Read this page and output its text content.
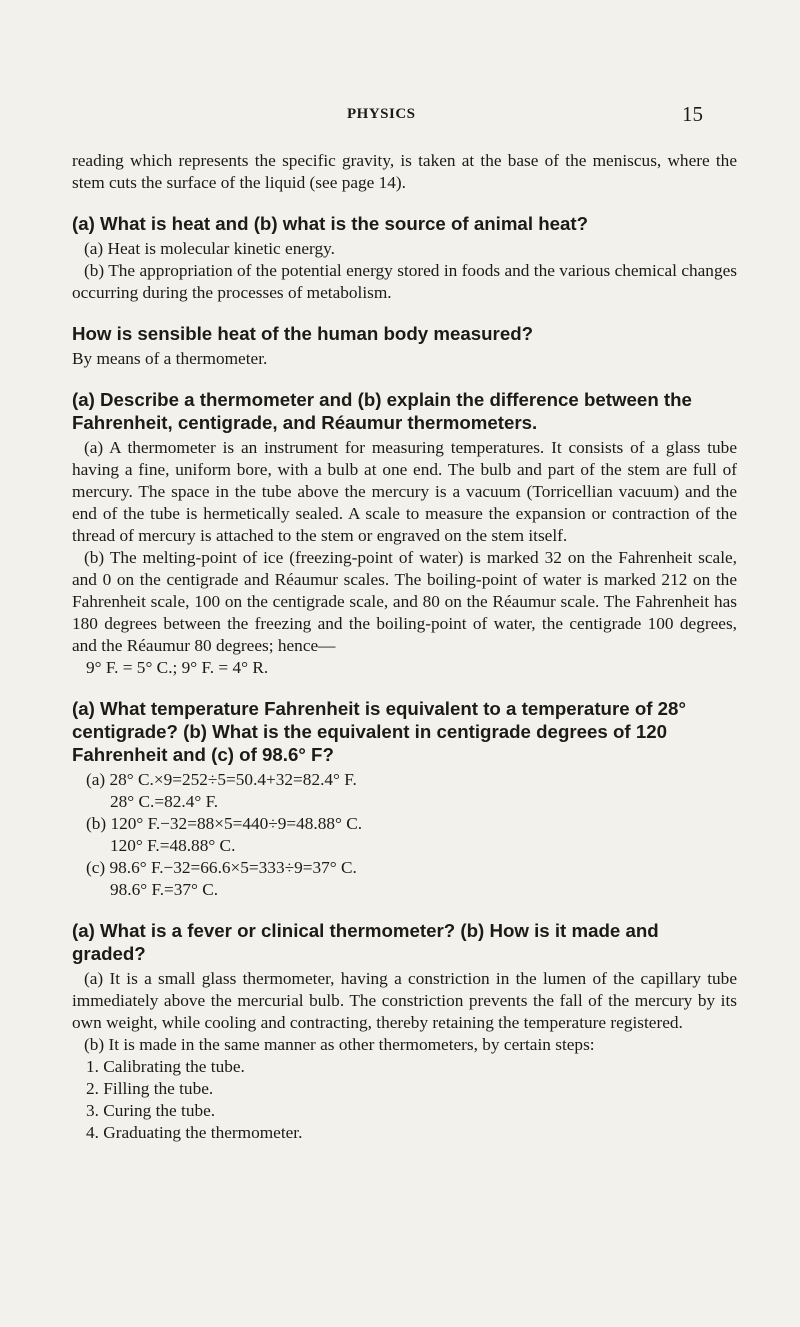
PHYSICS	15

reading which represents the specific gravity, is taken at the base of the meniscus, where the stem cuts the surface of the liquid (see page 14).

(a) What is heat and (b) what is the source of animal heat?

(a) Heat is molecular kinetic energy.

(b) The appropriation of the potential energy stored in foods and the various chemical changes occurring during the processes of metabolism.

How is sensible heat of the human body measured?

By means of a thermometer.

(a) Describe a thermometer and (b) explain the difference between the Fahrenheit, centigrade, and Réaumur thermometers.

(a) A thermometer is an instrument for measuring temperatures. It consists of a glass tube having a fine, uniform bore, with a bulb at one end. The bulb and part of the stem are full of mercury. The space in the tube above the mercury is a vacuum (Torricellian vacuum) and the end of the tube is hermetically sealed. A scale to measure the expansion or contraction of the thread of mercury is attached to the stem or engraved on the stem itself.

(b) The melting-point of ice (freezing-point of water) is marked 32 on the Fahrenheit scale, and 0 on the centigrade and Réaumur scales. The boiling-point of water is marked 212 on the Fahrenheit scale, 100 on the centigrade scale, and 80 on the Réaumur scale. The Fahrenheit has 180 degrees between the freezing and the boiling-point of water, the centigrade 100 degrees, and the Réaumur 80 degrees; hence—

9° F. = 5° C.; 9° F. = 4° R.

(a) What temperature Fahrenheit is equivalent to a temperature of 28° centigrade? (b) What is the equivalent in centigrade degrees of 120 Fahrenheit and (c) of 98.6° F?

(a) 28° C.×9=252÷5=50.4+32=82.4° F.

28° C.=82.4° F.

(b) 120° F.−32=88×5=440÷9=48.88° C.

120° F.=48.88° C.

(c) 98.6° F.−32=66.6×5=333÷9=37° C.

98.6° F.=37° C.

(a) What is a fever or clinical thermometer? (b) How is it made and graded?

(a) It is a small glass thermometer, having a constriction in the lumen of the capillary tube immediately above the mercurial bulb. The constriction prevents the fall of the mercury by its own weight, while cooling and contracting, thereby retaining the temperature registered.

(b) It is made in the same manner as other thermometers, by certain steps:

1. Calibrating the tube.

2. Filling the tube.

3. Curing the tube.

4. Graduating the thermometer.
